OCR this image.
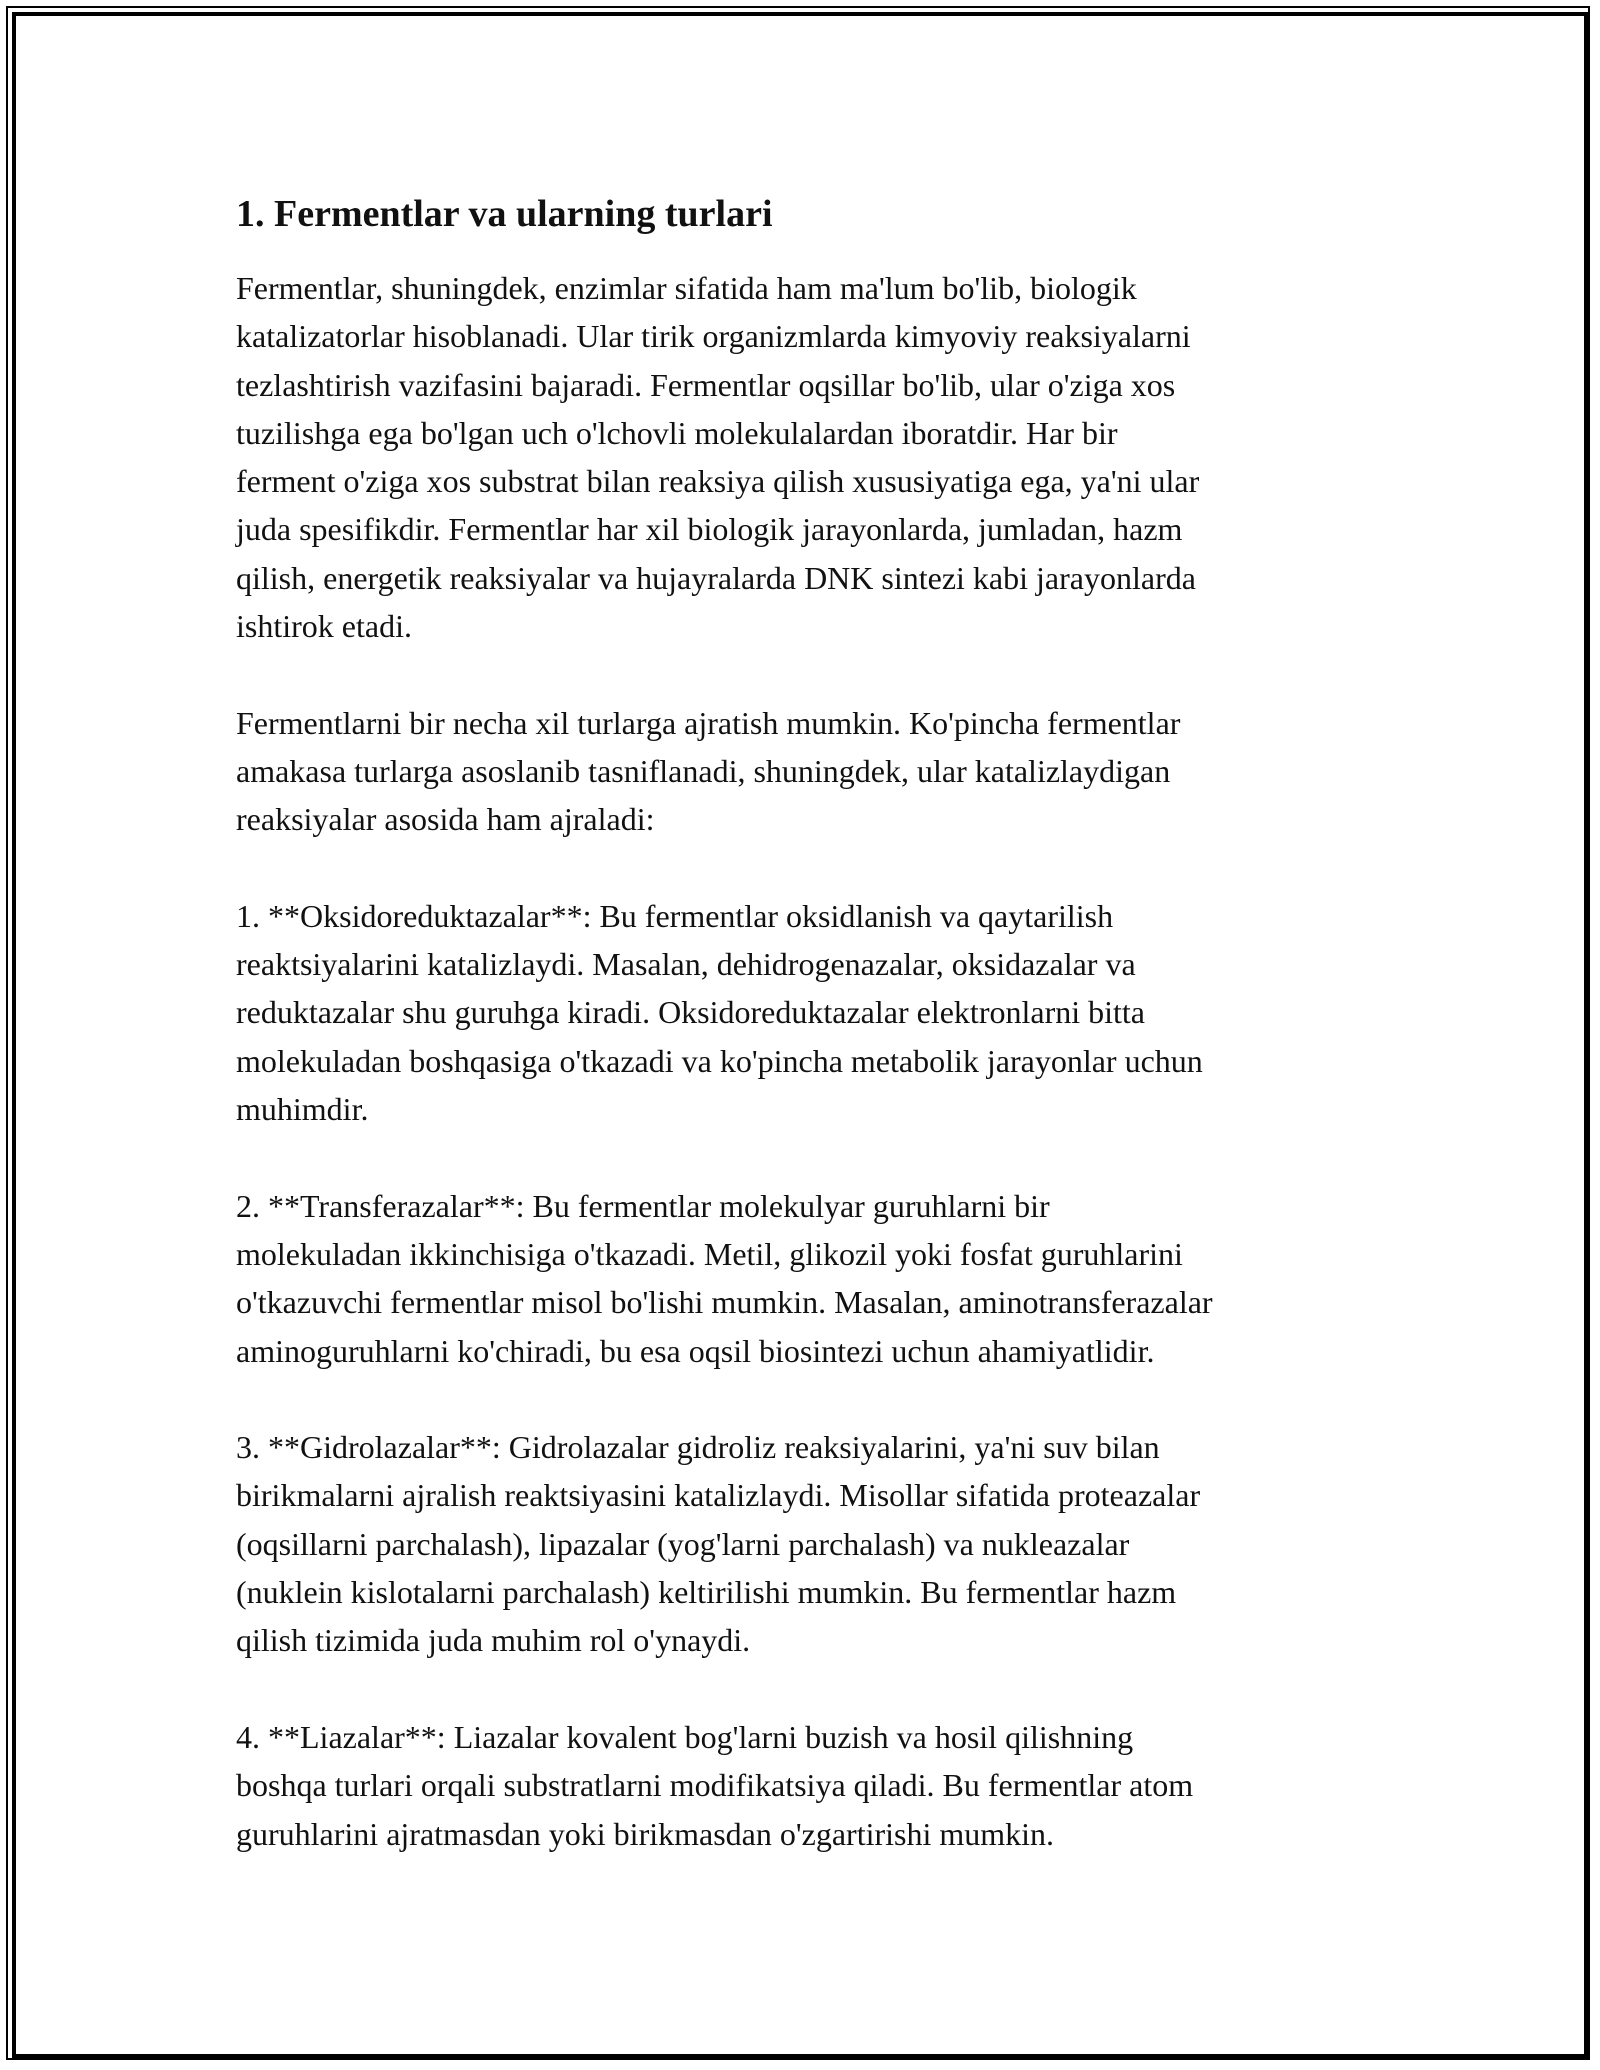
1. Fermentlar va ularning turlari

Fermentlar, shuningdek, enzimlar sifatida ham ma'lum bo'lib, biologik
katalizatorlar hisoblanadi. Ular tirik organizmlarda kimyoviy reaksiyalarni
tezlashtirish vazifasini bajaradi. Fermentlar oqsillar bo'lib, ular o'ziga xos
tuzilishga ega bo'lgan uch o'lchovli molekulalardan iboratdir. Har bir
ferment o'ziga xos substrat bilan reaksiya qilish xususiyatiga ega, ya'ni ular
juda spesifikdir. Fermentlar har xil biologik jarayonlarda, jumladan, hazm
qilish, energetik reaksiyalar va hujayralarda DNK sintezi kabi jarayonlarda
ishtirok etadi.

Fermentlarni bir necha xil turlarga ajratish mumkin. Ko'pincha fermentlar
amakasa turlarga asoslanib tasniflanadi, shuningdek, ular katalizlaydigan
reaksiyalar asosida ham ajraladi:

1. **Oksidoreduktazalar**: Bu fermentlar oksidlanish va qaytarilish
reaktsiyalarini katalizlaydi. Masalan, dehidrogenazalar, oksidazalar va
reduktazalar shu guruhga kiradi. Oksidoreduktazalar elektronlarni bitta
molekuladan boshqasiga o'tkazadi va ko'pincha metabolik jarayonlar uchun
muhimdir.

2. **Transferazalar**: Bu fermentlar molekulyar guruhlarni bir
molekuladan ikkinchisiga o'tkazadi. Metil, glikozil yoki fosfat guruhlarini
o'tkazuvchi fermentlar misol bo'lishi mumkin. Masalan, aminotransferazalar
aminoguruhlarni ko'chiradi, bu esa oqsil biosintezi uchun ahamiyatlidir.

3. **Gidrolazalar**: Gidrolazalar gidroliz reaksiyalarini, ya'ni suv bilan
birikmalarni ajralish reaktsiyasini katalizlaydi. Misollar sifatida proteazalar
(oqsillarni parchalash), lipazalar (yog'larni parchalash) va nukleazalar
(nuklein kislotalarni parchalash) keltirilishi mumkin. Bu fermentlar hazm
qilish tizimida juda muhim rol o'ynaydi.

4. **Liazalar**: Liazalar kovalent bog'larni buzish va hosil qilishning
boshqa turlari orqali substratlarni modifikatsiya qiladi. Bu fermentlar atom
guruhlarini ajratmasdan yoki birikmasdan o'zgartirishi mumkin.
